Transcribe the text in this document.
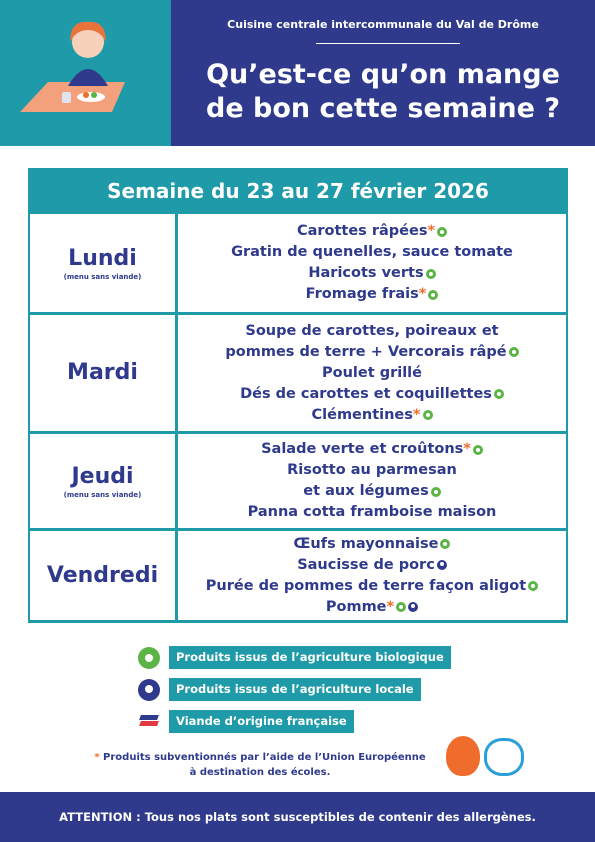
Cuisine centrale intercommunale du Val de Drôme
Qu’est-ce qu’on mange
de bon cette semaine ?
Semaine du 23 au 27 février 2026
Lundi
(menu sans viande)
Carottes râpées *
Gratin de quenelles, sauce tomate
Haricots verts
Fromage frais *
Mardi
Soupe de carottes, poireaux et
pommes de terre + Vercorais râpé
Poulet grillé
Dés de carottes et coquillettes
Clémentines *
Jeudi
(menu sans viande)
Salade verte et croûtons *
Risotto au parmesan
et aux légumes
Panna cotta framboise maison
Vendredi
Œufs mayonnaise
Saucisse de porc
Purée de pommes de terre façon aligot
Pomme *
Produits issus de l’agriculture biologique
Produits issus de l’agriculture locale
Viande d’origine française
* Produits subventionnés par l’aide de l’Union Européenne
à destination des écoles.
ATTENTION : Tous nos plats sont susceptibles de contenir des allergènes.
